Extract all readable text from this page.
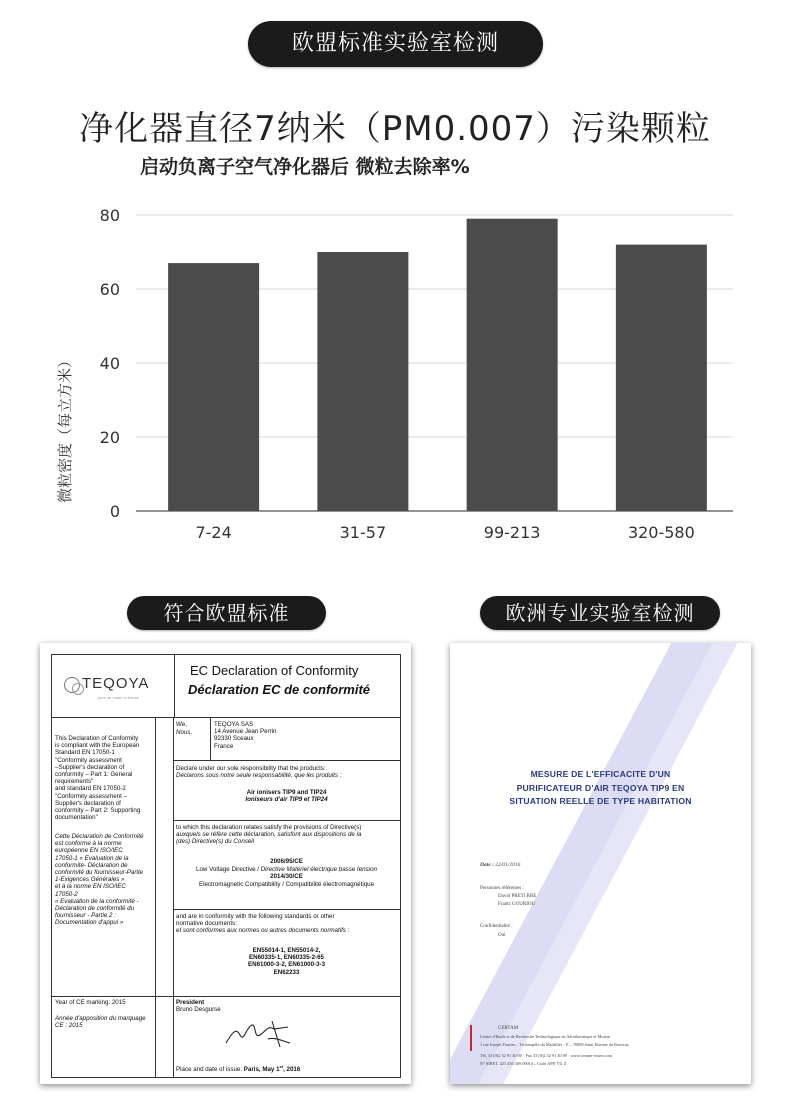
欧盟标准实验室检测
净化器直径7纳米（PM0.007）污染颗粒
启动负离子空气净化器后 微粒去除率%
0
20
40
60
80
7-24	31-57	99-213	320-580
微粒密度（每立方米）
符合欧盟标准	欧洲专业实验室检测
TEQOYA
purs air made in france
EC Declaration of Conformity
Déclaration EC de conformité
This Declaration of Conformity
is compliant with the European
Standard EN 17050-1
"Conformity assessment
–Supplier's declaration of
conformity – Part 1: General
requirements"
and standard EN 17050-2
"Conformity assessment –
Supplier's declaration of
conformity – Part 2: Supporting
documentation"
Cette Déclaration de Conformité
est conforme à la norme
européenne EN ISO/IEC
17050-1 « Evaluation de la
conformité- Déclaration de
conformité du fournisseur-Partie
1-Exigences Générales »
et à la norme EN ISO/IEC
17050-2
« Evaluation de la conformité -
Déclaration de conformité du
fournisseur - Partie 2 :
Documentation d'appui »
We,
Nous,
TEQOYA SAS
14 Avenue Jean Perrin
92330 Sceaux
France
Declare under our sole responsibility that the products:
Déclarons sous notre seule responsabilité, que les produits :
Air ionisers TIP9 and TIP24
Ioniseurs d'air TIP9 et TIP24
to which this declaration relates satisfy the provisions of Directive(s)
auxquels se réfère cette déclaration, satisfont aux dispositions de la
(des) Directive(s) du Conseil
2006/95/CE
Low Voltage Directive / Directive Matériel électrique basse tension
2014/30/CE
Electromagnetic Compatibility / Compatibilité électromagnétique
and are in conformity with the following standards or other
normative documents:
et sont conformes aux normes ou autres documents normatifs :
EN55014-1, EN55014-2,
EN60335-1, EN60335-2-65
EN61000-3-2, EN61000-3-3
EN62233
Year of CE marking: 2015
Année d'apposition du marquage
CE : 2015
President
Bruno Desgurse
Place and date of issue: Paris, May 1st, 2016
MESURE DE L'EFFICACITE D'UN
PURIFICATEUR D'AIR TEQOYA TIP9 EN
SITUATION REELLE DE TYPE HABITATION
Date : 22/01/2016
Personnes référentes :
David PRETI RRE
Frantz GOURIOU
Confidentialité :
Oui
CERTAM
Centre d'Etude et de Recherche Technologique en Aérothermique et Moteur
1 rue Joseph Fourier – Technopôle du Madrillet – F – 76800 Saint Etienne du Rouvray
Tél. 33 (0)2 32 91 40 00 · Fax 33 (0)2 32 91 40 09 · www.certam-rouen.com
N° SIRET. 421 436 369 00014 – Code APE 731 Z
